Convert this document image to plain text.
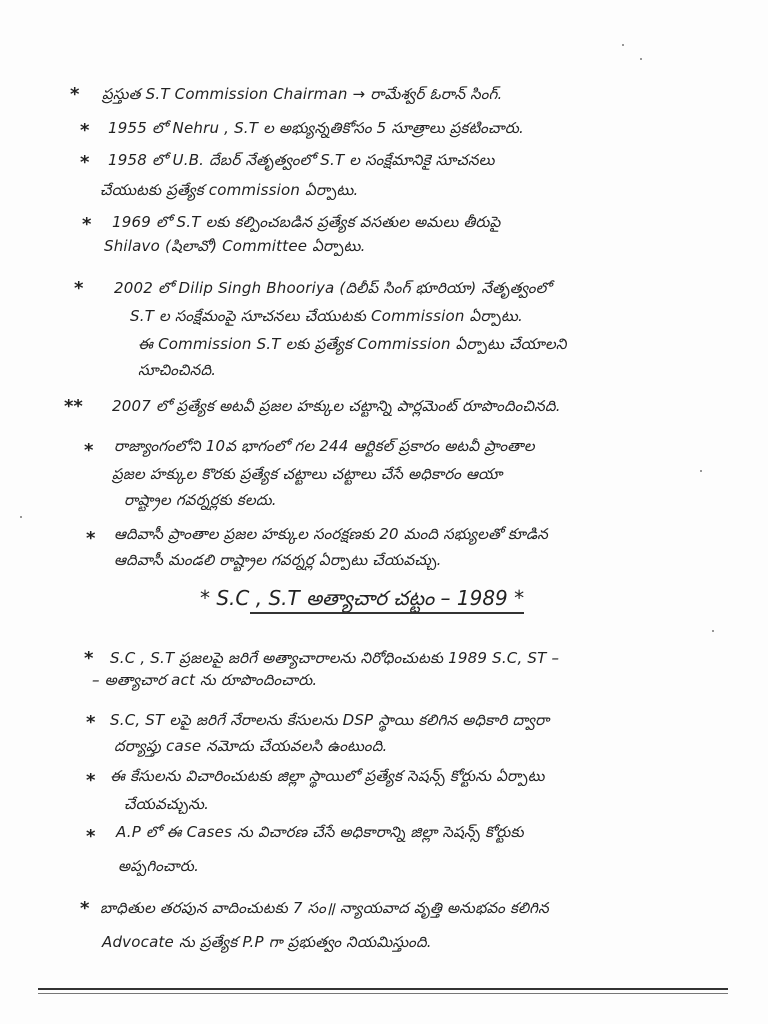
* ప్రస్తుత S.T Commission Chairman → రామేశ్వర్ ఓరాన్ సింగ్.
* 1955 లో Nehru , S.T ల అభ్యున్నతికోసం 5 సూత్రాలు ప్రకటించారు.
* 1958 లో U.B. దేబర్ నేతృత్వంలో S.T ల సంక్షేమానికై సూచనలు
చేయుటకు ప్రత్యేక commission ఏర్పాటు.
* 1969 లో S.T లకు కల్పించబడిన ప్రత్యేక వసతుల అమలు తీరుపై
Shilavo (షిలావో) Committee ఏర్పాటు.
* 2002 లో Dilip Singh Bhooriya (దిలీప్ సింగ్ భూరియా) నేతృత్వంలో
S.T ల సంక్షేమంపై సూచనలు చేయుటకు Commission ఏర్పాటు.
ఈ Commission S.T లకు ప్రత్యేక Commission ఏర్పాటు చేయాలని
సూచించినది.
** 2007 లో ప్రత్యేక అటవీ ప్రజల హక్కుల చట్టాన్ని పార్లమెంట్ రూపొందించినది.
* రాజ్యాంగంలోని 10వ భాగంలో గల 244 ఆర్టికల్ ప్రకారం అటవీ ప్రాంతాల
ప్రజల హక్కుల కొరకు ప్రత్యేక చట్టాలు చట్టాలు చేసే అధికారం ఆయా
రాష్ట్రాల గవర్నర్లకు కలదు.
* ఆదివాసీ ప్రాంతాల ప్రజల హక్కుల సంరక్షణకు 20 మంది సభ్యులతో కూడిన
ఆదివాసీ మండలి రాష్ట్రాల గవర్నర్ల ఏర్పాటు చేయవచ్చు.
* S.C , S.T అత్యాచార చట్టం – 1989 *
* S.C , S.T ప్రజలపై జరిగే అత్యాచారాలను నిరోధించుటకు 1989 S.C, ST –
– అత్యాచార act ను రూపొందించారు.
* S.C, ST లపై జరిగే నేరాలను కేసులను DSP స్థాయి కలిగిన అధికారి ద్వారా
దర్యాప్తు case నమోదు చేయవలసి ఉంటుంది.
* ఈ కేసులను విచారించుటకు జిల్లా స్థాయిలో ప్రత్యేక సెషన్స్ కోర్టును ఏర్పాటు
చేయవచ్చును.
* A.P లో ఈ Cases ను విచారణ చేసే అధికారాన్ని జిల్లా సెషన్స్ కోర్టుకు
అప్పగించారు.
* బాధితుల తరపున వాదించుటకు 7 సం॥ న్యాయవాద వృత్తి అనుభవం కలిగిన
Advocate ను ప్రత్యేక P.P గా ప్రభుత్వం నియమిస్తుంది.
